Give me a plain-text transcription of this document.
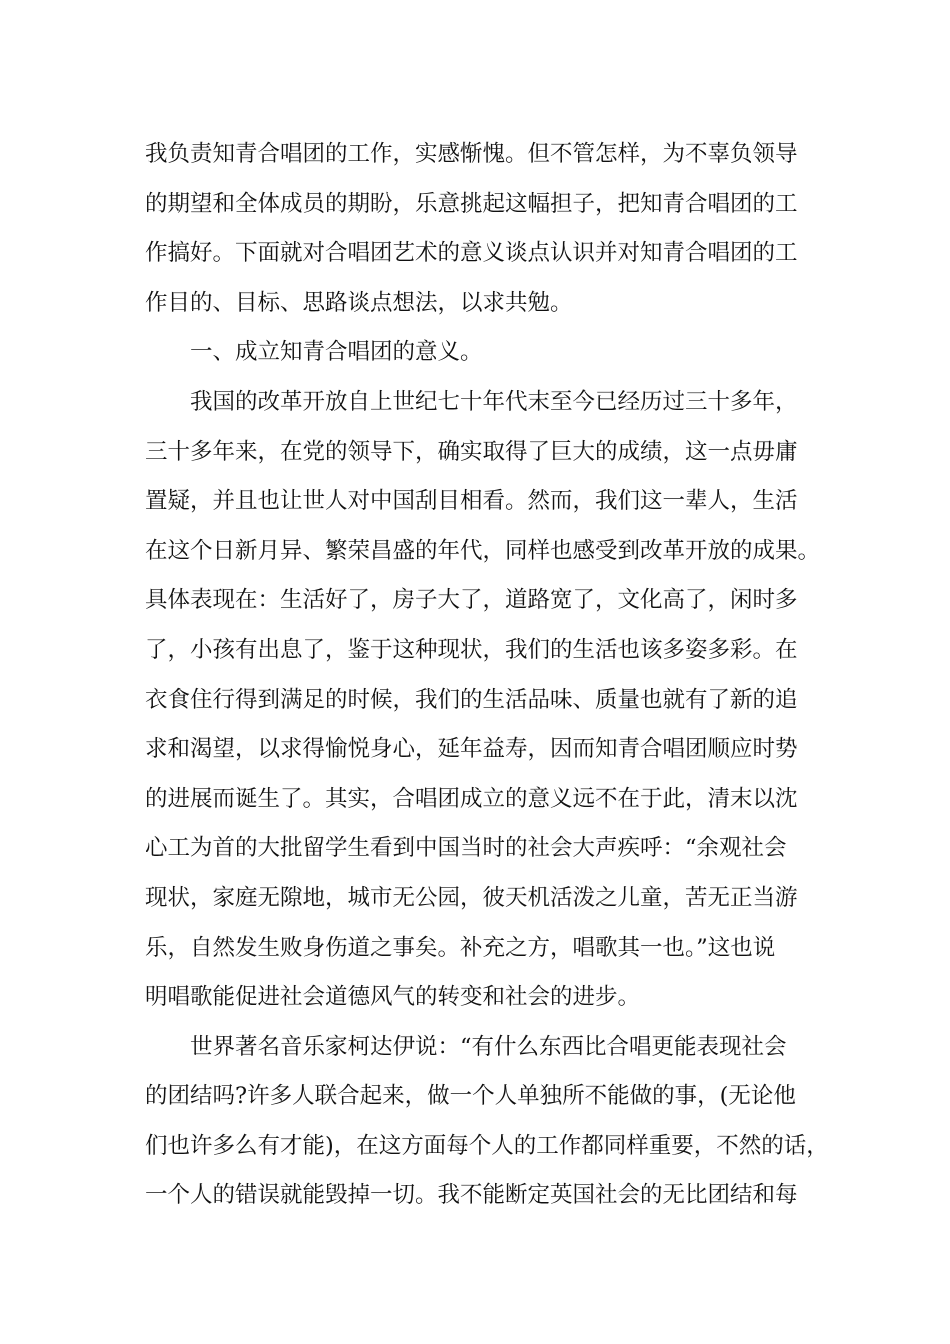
我负责知青合唱团的工作，实感惭愧。但不管怎样，为不辜负领导
的期望和全体成员的期盼，乐意挑起这幅担子，把知青合唱团的工
作搞好。下面就对合唱团艺术的意义谈点认识并对知青合唱团的工
作目的、目标、思路谈点想法，以求共勉。
一、成立知青合唱团的意义。
我国的改革开放自上世纪七十年代末至今已经历过三十多年，
三十多年来，在党的领导下，确实取得了巨大的成绩，这一点毋庸
置疑，并且也让世人对中国刮目相看。然而，我们这一辈人，生活
在这个日新月异、繁荣昌盛的年代，同样也感受到改革开放的成果。
具体表现在：生活好了，房子大了，道路宽了，文化高了，闲时多
了，小孩有出息了，鉴于这种现状，我们的生活也该多姿多彩。在
衣食住行得到满足的时候，我们的生活品味、质量也就有了新的追
求和渴望，以求得愉悦身心，延年益寿，因而知青合唱团顺应时势
的进展而诞生了。其实，合唱团成立的意义远不在于此，清末以沈
心工为首的大批留学生看到中国当时的社会大声疾呼：“余观社会
现状，家庭无隙地，城市无公园，彼天机活泼之儿童，苦无正当游
乐，自然发生败身伤道之事矣。补充之方，唱歌其一也。”这也说
明唱歌能促进社会道德风气的转变和社会的进步。
世界著名音乐家柯达伊说：“有什么东西比合唱更能表现社会
的团结吗?许多人联合起来，做一个人单独所不能做的事，(无论他
们也许多么有才能)，在这方面每个人的工作都同样重要，不然的话，
一个人的错误就能毁掉一切。我不能断定英国社会的无比团结和每
